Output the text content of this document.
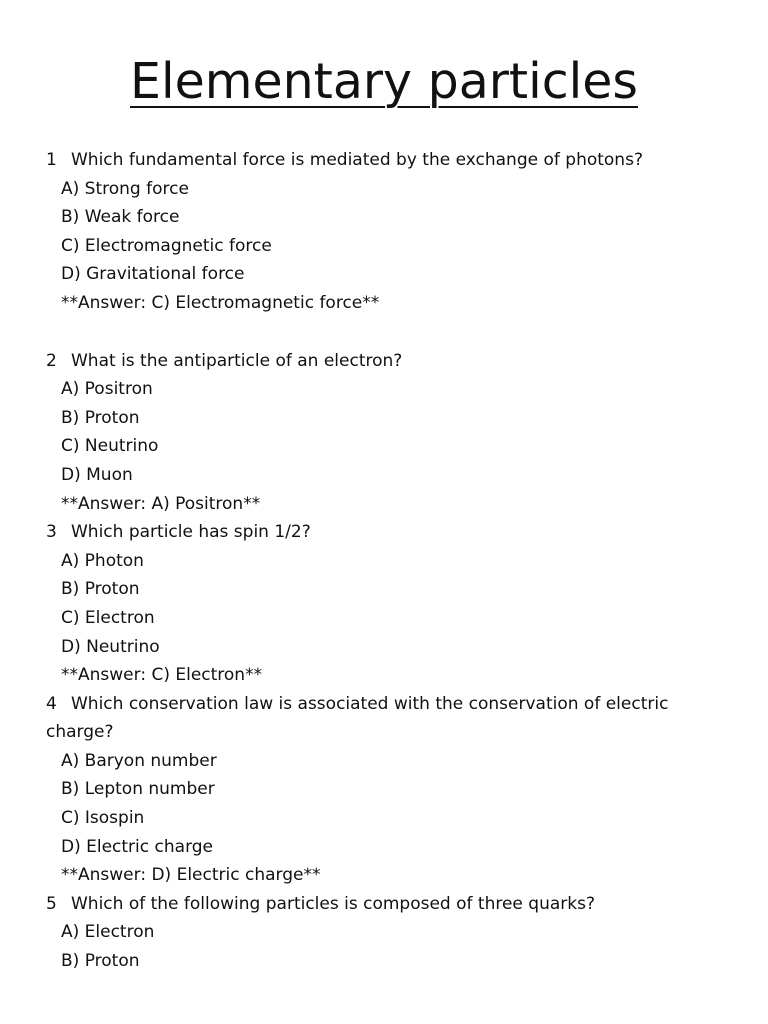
Elementary particles
1 Which fundamental force is mediated by the exchange of photons?
A) Strong force
B) Weak force
C) Electromagnetic force
D) Gravitational force
**Answer: C) Electromagnetic force**
2 What is the antiparticle of an electron?
A) Positron
B) Proton
C) Neutrino
D) Muon
**Answer: A) Positron**
3 Which particle has spin 1/2?
A) Photon
B) Proton
C) Electron
D) Neutrino
**Answer: C) Electron**
4 Which conservation law is associated with the conservation of electric charge?
A) Baryon number
B) Lepton number
C) Isospin
D) Electric charge
**Answer: D) Electric charge**
5 Which of the following particles is composed of three quarks?
A) Electron
B) Proton
